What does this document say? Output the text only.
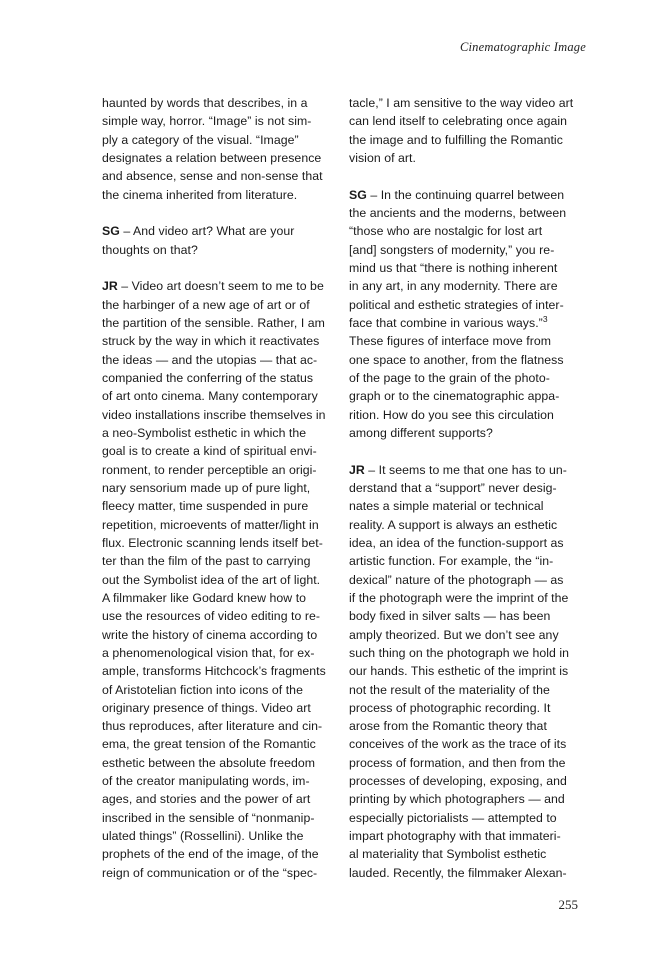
Cinematographic Image

haunted by words that describes, in a

simple way, horror. “Image” is not sim-

ply a category of the visual. “Image”

designates a relation between presence

and absence, sense and non-sense that

the cinema inherited from literature.

SG – And video art? What are your

thoughts on that?

JR – Video art doesn’t seem to me to be

the harbinger of a new age of art or of

the partition of the sensible. Rather, I am

struck by the way in which it reactivates

the ideas — and the utopias — that ac-

companied the conferring of the status

of art onto cinema. Many contemporary

video installations inscribe themselves in

a neo-Symbolist esthetic in which the

goal is to create a kind of spiritual envi-

ronment, to render perceptible an origi-

nary sensorium made up of pure light,

fleecy matter, time suspended in pure

repetition, microevents of matter/light in

flux. Electronic scanning lends itself bet-

ter than the film of the past to carrying

out the Symbolist idea of the art of light.

A filmmaker like Godard knew how to

use the resources of video editing to re-

write the history of cinema according to

a phenomenological vision that, for ex-

ample, transforms Hitchcock’s fragments

of Aristotelian fiction into icons of the

originary presence of things. Video art

thus reproduces, after literature and cin-

ema, the great tension of the Romantic

esthetic between the absolute freedom

of the creator manipulating words, im-

ages, and stories and the power of art

inscribed in the sensible of “nonmanip-

ulated things” (Rossellini). Unlike the

prophets of the end of the image, of the

reign of communication or of the “spec-

tacle,” I am sensitive to the way video art

can lend itself to celebrating once again

the image and to fulfilling the Romantic

vision of art.

SG – In the continuing quarrel between

the ancients and the moderns, between

“those who are nostalgic for lost art

[and] songsters of modernity,” you re-

mind us that “there is nothing inherent

in any art, in any modernity. There are

political and esthetic strategies of inter-

face that combine in various ways.”$^3$

These figures of interface move from

one space to another, from the flatness

of the page to the grain of the photo-

graph or to the cinematographic appa-

rition. How do you see this circulation

among different supports?

JR – It seems to me that one has to un-

derstand that a “support” never desig-

nates a simple material or technical

reality. A support is always an esthetic

idea, an idea of the function-support as

artistic function. For example, the “in-

dexical” nature of the photograph — as

if the photograph were the imprint of the

body fixed in silver salts — has been

amply theorized. But we don’t see any

such thing on the photograph we hold in

our hands. This esthetic of the imprint is

not the result of the materiality of the

process of photographic recording. It

arose from the Romantic theory that

conceives of the work as the trace of its

process of formation, and then from the

processes of developing, exposing, and

printing by which photographers — and

especially pictorialists — attempted to

impart photography with that immateri-

al materiality that Symbolist esthetic

lauded. Recently, the filmmaker Alexan-

255
